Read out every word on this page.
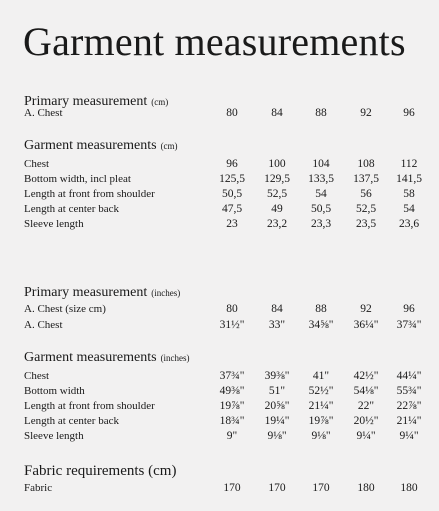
Garment measurements
Primary measurement (cm)
A. Chest	80	84	88	92	96
Garment measurements (cm)
Chest	96	100	104	108	112
Bottom width, incl pleat	125,5	129,5	133,5	137,5	141,5
Length at front from shoulder	50,5	52,5	54	56	58
Length at center back	47,5	49	50,5	52,5	54
Sleeve length	23	23,2	23,3	23,5	23,6
Primary measurement (inches)
A. Chest (size cm)	80	84	88	92	96
A. Chest	31½"	33"	34⅝"	36¼"	37¾"
Garment measurements (inches)
Chest	37¾"	39⅜"	41"	42½"	44¼"
Bottom width	49⅜"	51"	52½"	54⅛"	55¾"
Length at front from shoulder	19⅞"	20⅝"	21¼"	22"	22⅞"
Length at center back	18¾"	19¼"	19⅞"	20½"	21¼"
Sleeve length	9"	9⅛"	9⅛"	9¼"	9¼"
Fabric requirements (cm)
Fabric	170	170	170	180	180
